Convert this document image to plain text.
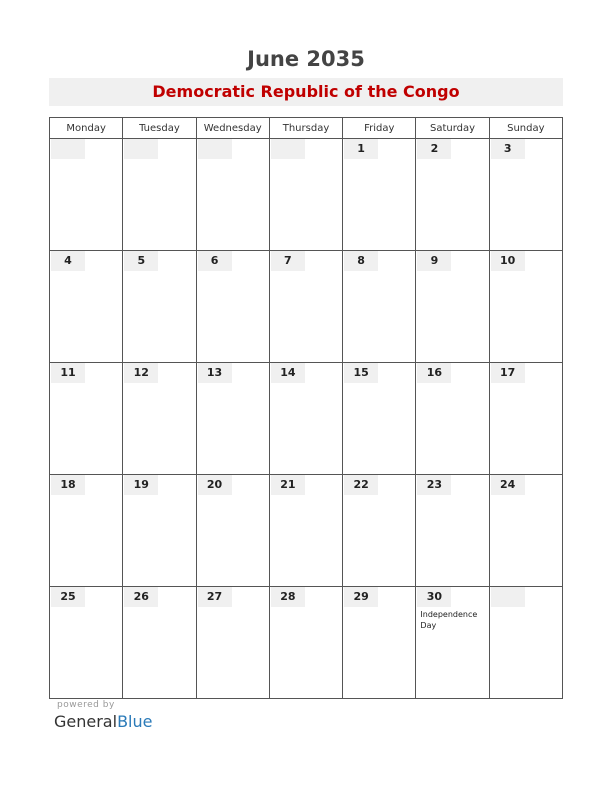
June 2035
Democratic Republic of the Congo
Monday	Tuesday	Wednesday	Thursday	Friday	Saturday	Sunday

				1	2	3

4	5	6	7	8	9	10

11	12	13	14	15	16	17

18	19	20	21	22	23	24

25	26	27	28	29	30
Independence Day	

powered by
GeneralBlue
